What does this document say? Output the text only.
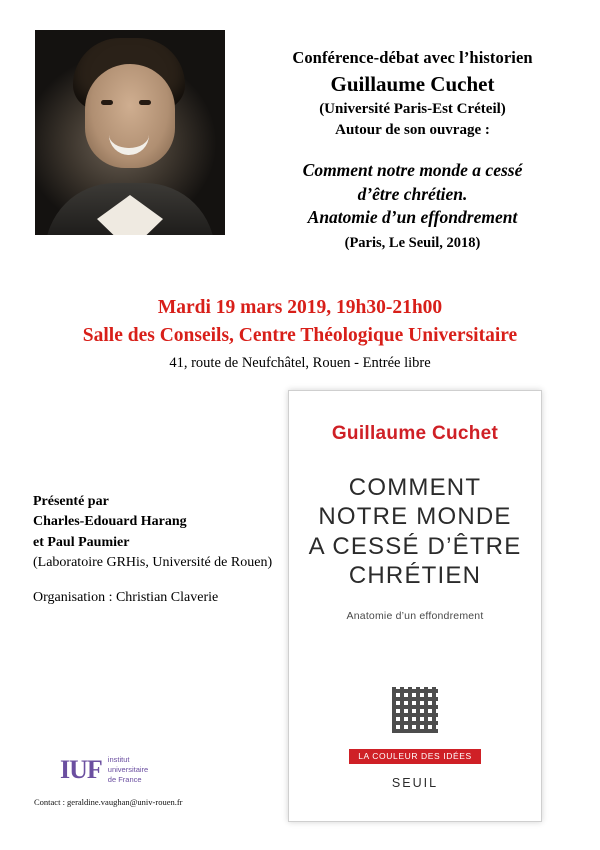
Conférence-débat avec l’historien
Guillaume Cuchet
(Université Paris-Est Créteil)
Autour de son ouvrage :
Comment notre monde a cessé
d’être chrétien.
Anatomie d’un effondrement
(Paris, Le Seuil, 2018)
Mardi 19 mars 2019, 19h30-21h00
Salle des Conseils, Centre Théologique Universitaire
41, route de Neufchâtel, Rouen - Entrée libre
Présenté par
Charles-Edouard Harang
et Paul Paumier
(Laboratoire GRHis, Université de Rouen)
Organisation : Christian Claverie
Guillaume Cuchet
COMMENT
NOTRE MONDE
A CESSÉ D’ÊTRE
CHRÉTIEN
Anatomie d’un effondrement
LA COULEUR DES IDÉES
SEUIL
IUF institut
universitaire
de France
Contact : geraldine.vaughan@univ-rouen.fr
